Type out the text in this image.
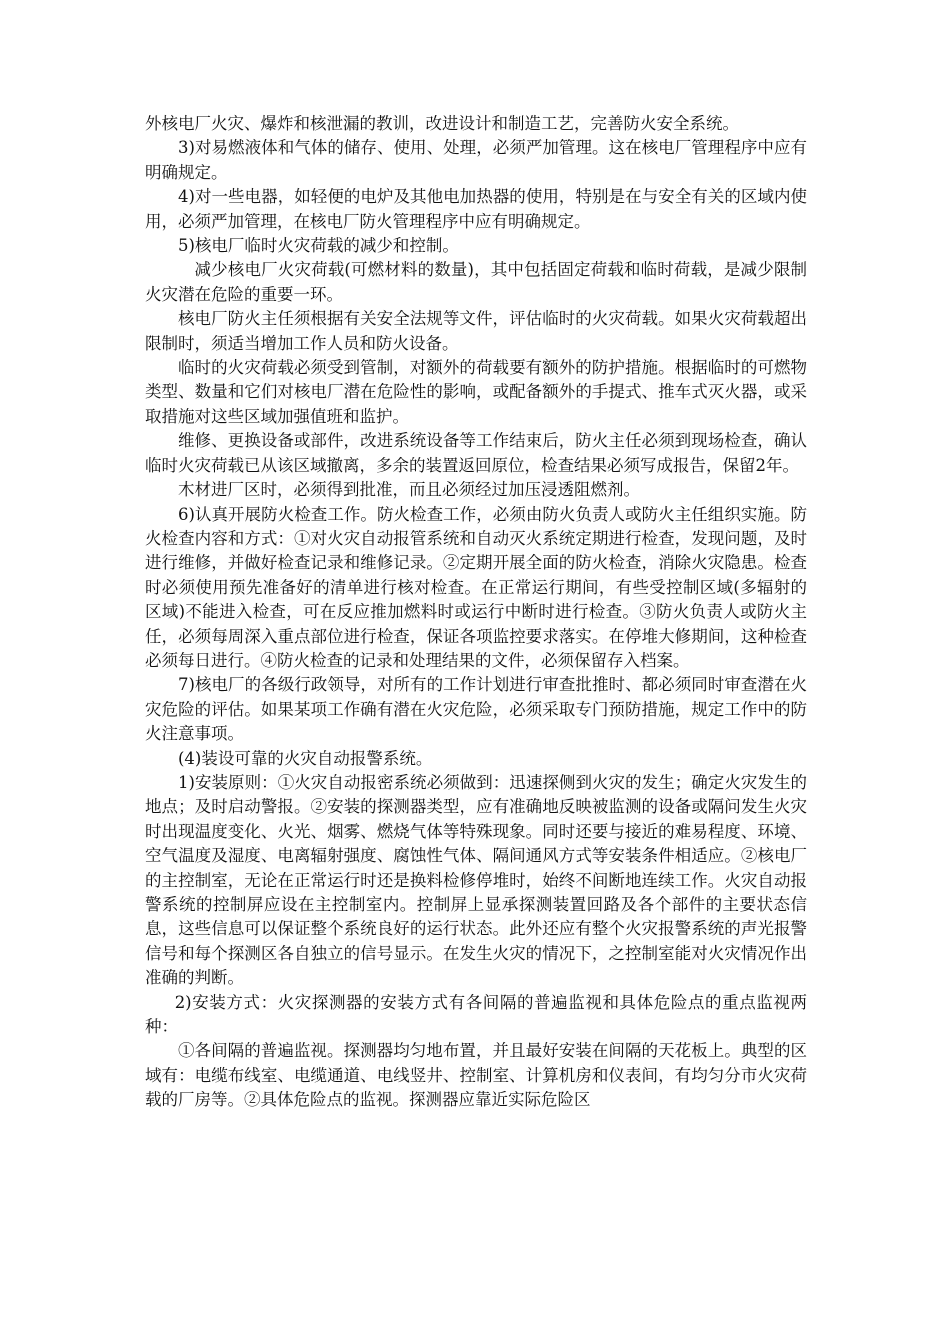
外核电厂火灾、爆炸和核泄漏的教训，改进设计和制造工艺，完善防火安全系统。

3)对易燃液体和气体的储存、使用、处理，必须严加管理。这在核电厂管理程序中应有明确规定。

4)对一些电器，如轻便的电炉及其他电加热器的使用，特别是在与安全有关的区域内使用，必须严加管理，在核电厂防火管理程序中应有明确规定。

5)核电厂临时火灾荷载的减少和控制。

减少核电厂火灾荷载(可燃材料的数量)，其中包括固定荷载和临时荷载，是减少限制火灾潜在危险的重要一环。

核电厂防火主任须根据有关安全法规等文件，评估临时的火灾荷载。如果火灾荷载超出限制时，须适当增加工作人员和防火设备。

临时的火灾荷载必须受到管制，对额外的荷载要有额外的防护措施。根据临时的可燃物类型、数量和它们对核电厂潜在危险性的影响，或配备额外的手提式、推车式灭火器，或采取措施对这些区域加强值班和监护。

维修、更换设备或部件，改进系统设备等工作结束后，防火主任必须到现场检查，确认临时火灾荷载已从该区域撤离，多余的装置返回原位，检查结果必须写成报告，保留2年。

木材进厂区时，必须得到批准，而且必须经过加压浸透阻燃剂。

6)认真开展防火检查工作。防火检查工作，必须由防火负责人或防火主任组织实施。防火检查内容和方式：①对火灾自动报管系统和自动灭火系统定期进行检查，发现问题，及时进行维修，并做好检查记录和维修记录。②定期开展全面的防火检查，消除火灾隐患。检查时必须使用预先准备好的清单进行核对检查。在正常运行期间，有些受控制区域(多辐射的区域)不能进入检查，可在反应推加燃料时或运行中断时进行检查。③防火负责人或防火主任，必须每周深入重点部位进行检查，保证各项监控要求落实。在停堆大修期间，这种检查必须每日进行。④防火检查的记录和处理结果的文件，必须保留存入档案。

7)核电厂的各级行政领导，对所有的工作计划进行审查批推时、都必须同时审查潜在火灾危险的评估。如果某项工作确有潜在火灾危险，必须采取专门预防措施，规定工作中的防火注意事项。

(4)装设可靠的火灾自动报警系统。

1)安装原则：①火灾自动报密系统必须做到：迅速探侧到火灾的发生；确定火灾发生的地点；及时启动警报。②安装的探测器类型，应有准确地反映被监测的设备或隔问发生火灾时出现温度变化、火光、烟雾、燃烧气体等特殊现象。同时还要与接近的难易程度、环境、空气温度及湿度、电离辐射强度、腐蚀性气体、隔间通风方式等安装条件相适应。②核电厂的主控制室，无论在正常运行时还是换料检修停堆时，始终不间断地连续工作。火灾自动报警系统的控制屏应设在主控制室内。控制屏上显承探测装置回路及各个部件的主要状态信息，这些信息可以保证整个系统良好的运行状态。此外还应有整个火灾报警系统的声光报警信号和每个探测区各自独立的信号显示。在发生火灾的情况下，之控制室能对火灾情况作出准确的判断。

2)安装方式：火灾探测器的安装方式有各间隔的普遍监视和具体危险点的重点监视两种：

①各间隔的普遍监视。探测器均匀地布置，并且最好安装在间隔的天花板上。典型的区域有：电缆布线室、电缆通道、电线竖井、控制室、计算机房和仪表间，有均匀分市火灾荷载的厂房等。②具体危险点的监视。探测器应靠近实际危险区
